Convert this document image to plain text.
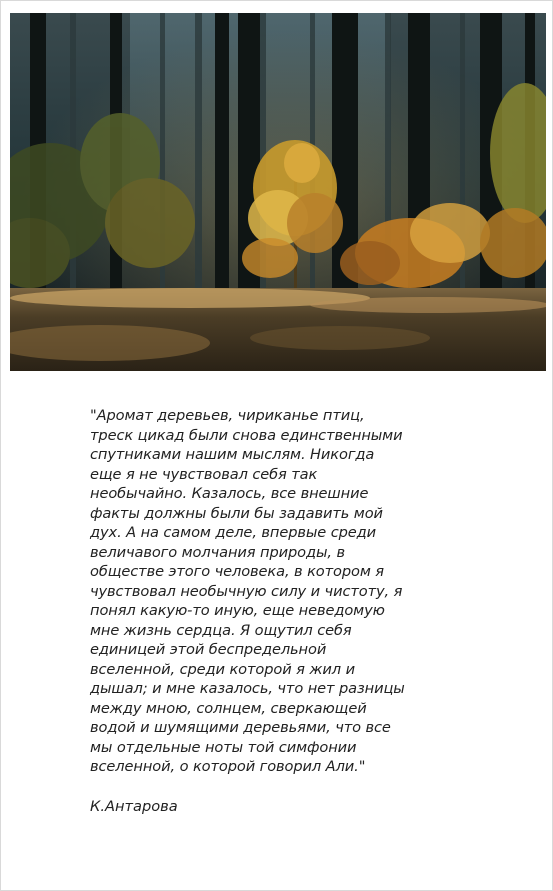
"Аромат деревьев, чириканье птиц,
треск цикад были снова единственными
спутниками нашим мыслям. Никогда
еще я не чувствовал себя так
необычайно. Казалось, все внешние
факты должны были бы задавить мой
дух. А на самом деле, впервые среди
величавого молчания природы, в
обществе этого человека, в котором я
чувствовал необычную силу и чистоту, я
понял какую-то иную, еще неведомую
мне жизнь сердца. Я ощутил себя
единицей этой беспредельной
вселенной, среди которой я жил и
дышал; и мне казалось, что нет разницы
между мною, солнцем, сверкающей
водой и шумящими деревьями, что все
мы отдельные ноты той симфонии
вселенной, о которой говорил Али."

К.Антарова
